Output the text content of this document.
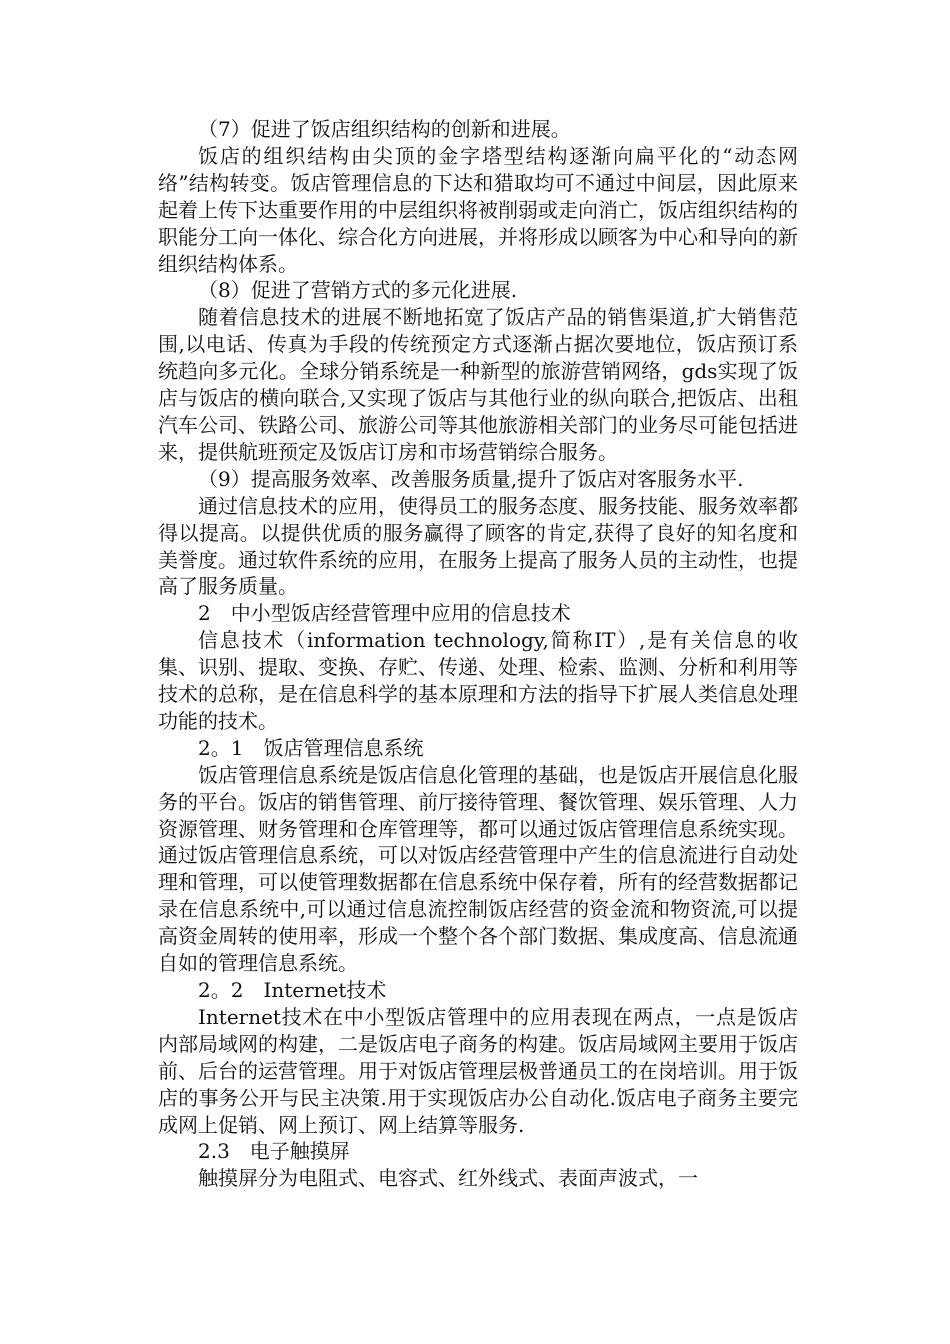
（7）促进了饭店组织结构的创新和进展。

饭店的组织结构由尖顶的金字塔型结构逐渐向扁平化的“动态网络”结构转变。饭店管理信息的下达和猎取均可不通过中间层，因此原来起着上传下达重要作用的中层组织将被削弱或走向消亡，饭店组织结构的职能分工向一体化、综合化方向进展，并将形成以顾客为中心和导向的新组织结构体系。

（8）促进了营销方式的多元化进展.

随着信息技术的进展不断地拓宽了饭店产品的销售渠道,扩大销售范围,以电话、传真为手段的传统预定方式逐渐占据次要地位，饭店预订系统趋向多元化。全球分销系统是一种新型的旅游营销网络，gds实现了饭店与饭店的横向联合,又实现了饭店与其他行业的纵向联合,把饭店、出租汽车公司、铁路公司、旅游公司等其他旅游相关部门的业务尽可能包括进来，提供航班预定及饭店订房和市场营销综合服务。

（9）提高服务效率、改善服务质量,提升了饭店对客服务水平.

通过信息技术的应用，使得员工的服务态度、服务技能、服务效率都得以提高。以提供优质的服务赢得了顾客的肯定,获得了良好的知名度和美誉度。通过软件系统的应用，在服务上提高了服务人员的主动性，也提高了服务质量。

2　中小型饭店经营管理中应用的信息技术

信息技术（information technology,简称IT）,是有关信息的收集、识别、提取、变换、存贮、传递、处理、检索、监测、分析和利用等技术的总称，是在信息科学的基本原理和方法的指导下扩展人类信息处理功能的技术。

2。1　饭店管理信息系统

饭店管理信息系统是饭店信息化管理的基础，也是饭店开展信息化服务的平台。饭店的销售管理、前厅接待管理、餐饮管理、娱乐管理、人力资源管理、财务管理和仓库管理等，都可以通过饭店管理信息系统实现。通过饭店管理信息系统，可以对饭店经营管理中产生的信息流进行自动处理和管理，可以使管理数据都在信息系统中保存着，所有的经营数据都记录在信息系统中,可以通过信息流控制饭店经营的资金流和物资流,可以提高资金周转的使用率，形成一个整个各个部门数据、集成度高、信息流通自如的管理信息系统。

2。2　Internet技术

Internet技术在中小型饭店管理中的应用表现在两点，一点是饭店内部局域网的构建，二是饭店电子商务的构建。饭店局域网主要用于饭店前、后台的运营管理。用于对饭店管理层极普通员工的在岗培训。用于饭店的事务公开与民主决策.用于实现饭店办公自动化.饭店电子商务主要完成网上促销、网上预订、网上结算等服务.

2.3　电子触摸屏

触摸屏分为电阻式、电容式、红外线式、表面声波式，一
